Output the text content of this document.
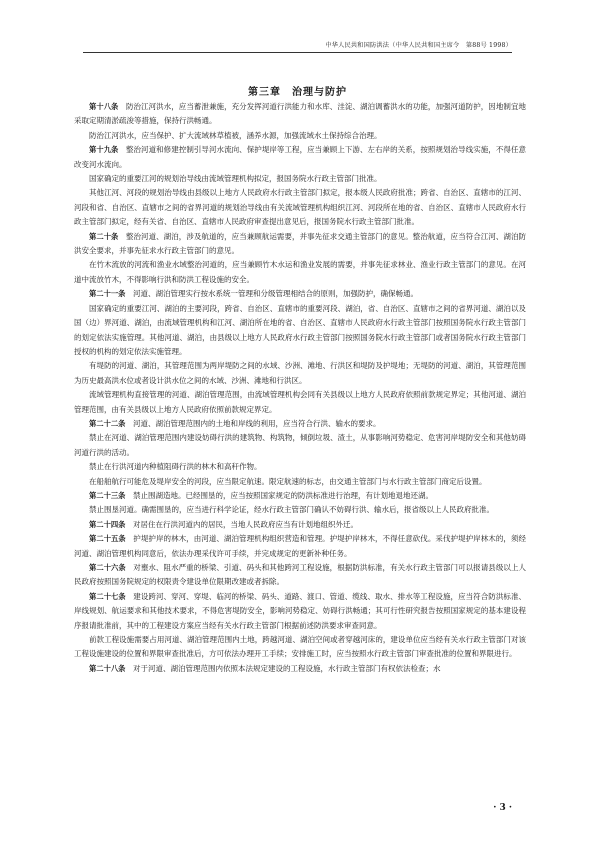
中华人民共和国防洪法（中华人民共和国主席令　第88号 1998）
第三章　治理与防护

第十八条　防治江河洪水，应当蓄泄兼施，充分发挥河道行洪能力和水库、洼淀、湖泊调蓄洪水的功能，加强河道防护，因地制宜地采取定期清淤疏浚等措施，保持行洪畅通。

防治江河洪水，应当保护、扩大流域林草植被，涵养水源，加强流域水土保持综合治理。

第十九条　整治河道和修建控制引导河水流向、保护堤岸等工程，应当兼顾上下游、左右岸的关系，按照规划治导线实施，不得任意改变河水流向。

国家确定的重要江河的规划治导线由流域管理机构拟定，报国务院水行政主管部门批准。

其他江河、河段的规划治导线由县级以上地方人民政府水行政主管部门拟定，报本级人民政府批准；跨省、自治区、直辖市的江河、河段和省、自治区、直辖市之间的省界河道的规划治导线由有关流域管理机构组织江河、河段所在地的省、自治区、直辖市人民政府水行政主管部门拟定，经有关省、自治区、直辖市人民政府审查提出意见后，报国务院水行政主管部门批准。

第二十条　整治河道、湖泊，涉及航道的，应当兼顾航运需要，并事先征求交通主管部门的意见。整治航道，应当符合江河、湖泊防洪安全要求，并事先征求水行政主管部门的意见。

在竹木流放的河流和渔业水域整治河道的，应当兼顾竹木水运和渔业发展的需要，并事先征求林业、渔业行政主管部门的意见。在河道中流放竹木，不得影响行洪和防洪工程设施的安全。

第二十一条　河道、湖泊管理实行按水系统一管理和分级管理相结合的原则，加强防护，确保畅通。

国家确定的重要江河、湖泊的主要河段，跨省、自治区、直辖市的重要河段、湖泊，省、自治区、直辖市之间的省界河道、湖泊以及国（边）界河道、湖泊，由流域管理机构和江河、湖泊所在地的省、自治区、直辖市人民政府水行政主管部门按照国务院水行政主管部门的划定依法实施管理。其他河道、湖泊，由县级以上地方人民政府水行政主管部门按照国务院水行政主管部门或者国务院水行政主管部门授权的机构的划定依法实施管理。

有堤防的河道、湖泊，其管理范围为两岸堤防之间的水域、沙洲、滩地、行洪区和堤防及护堤地；无堤防的河道、湖泊，其管理范围为历史最高洪水位或者设计洪水位之间的水域、沙洲、滩地和行洪区。

流域管理机构直接管理的河道、湖泊管理范围，由流域管理机构会同有关县级以上地方人民政府依照前款规定界定；其他河道、湖泊管理范围，由有关县级以上地方人民政府依照前款规定界定。

第二十二条　河道、湖泊管理范围内的土地和岸线的利用，应当符合行洪、输水的要求。

禁止在河道、湖泊管理范围内建设妨碍行洪的建筑物、构筑物，倾倒垃圾、渣土，从事影响河势稳定、危害河岸堤防安全和其他妨碍河道行洪的活动。

禁止在行洪河道内种植阻碍行洪的林木和高秆作物。

在船舶航行可能危及堤岸安全的河段，应当限定航速。限定航速的标志，由交通主管部门与水行政主管部门商定后设置。

第二十三条　禁止围湖造地。已经围垦的，应当按照国家规定的防洪标准进行治理，有计划地退地还湖。

禁止围垦河道。确需围垦的，应当进行科学论证，经水行政主管部门确认不妨碍行洪、输水后，报省级以上人民政府批准。

第二十四条　对居住在行洪河道内的居民，当地人民政府应当有计划地组织外迁。

第二十五条　护堤护岸的林木，由河道、湖泊管理机构组织营造和管理。护堤护岸林木，不得任意砍伐。采伐护堤护岸林木的，须经河道、湖泊管理机构同意后，依法办理采伐许可手续，并完成规定的更新补种任务。

第二十六条　对壅水、阻水严重的桥梁、引道、码头和其他跨河工程设施，根据防洪标准，有关水行政主管部门可以报请县级以上人民政府按照国务院规定的权限责令建设单位限期改建或者拆除。

第二十七条　建设跨河、穿河、穿堤、临河的桥梁、码头、道路、渡口、管道、缆线、取水、排水等工程设施，应当符合防洪标准、岸线规划、航运要求和其他技术要求，不得危害堤防安全，影响河势稳定、妨碍行洪畅通；其可行性研究报告按照国家规定的基本建设程序报请批准前，其中的工程建设方案应当经有关水行政主管部门根据前述防洪要求审查同意。

前款工程设施需要占用河道、湖泊管理范围内土地，跨越河道、湖泊空间或者穿越河床的，建设单位应当经有关水行政主管部门对该工程设施建设的位置和界限审查批准后，方可依法办理开工手续；安排施工时，应当按照水行政主管部门审查批准的位置和界限进行。

第二十八条　对于河道、湖泊管理范围内依照本法规定建设的工程设施，水行政主管部门有权依法检查；水

· 3 ·
